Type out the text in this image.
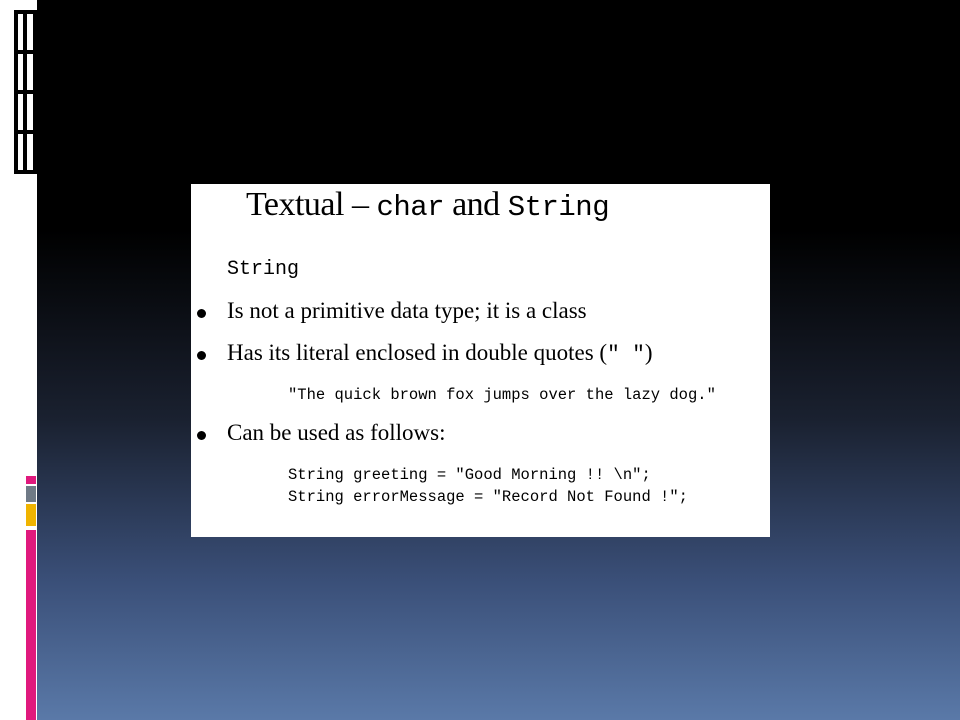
Textual – char and String
String
Is not a primitive data type; it is a class
Has its literal enclosed in double quotes (" ")
"The quick brown fox jumps over the lazy dog."
Can be used as follows:
String greeting = "Good Morning !! \n";
String errorMessage = "Record Not Found !";
